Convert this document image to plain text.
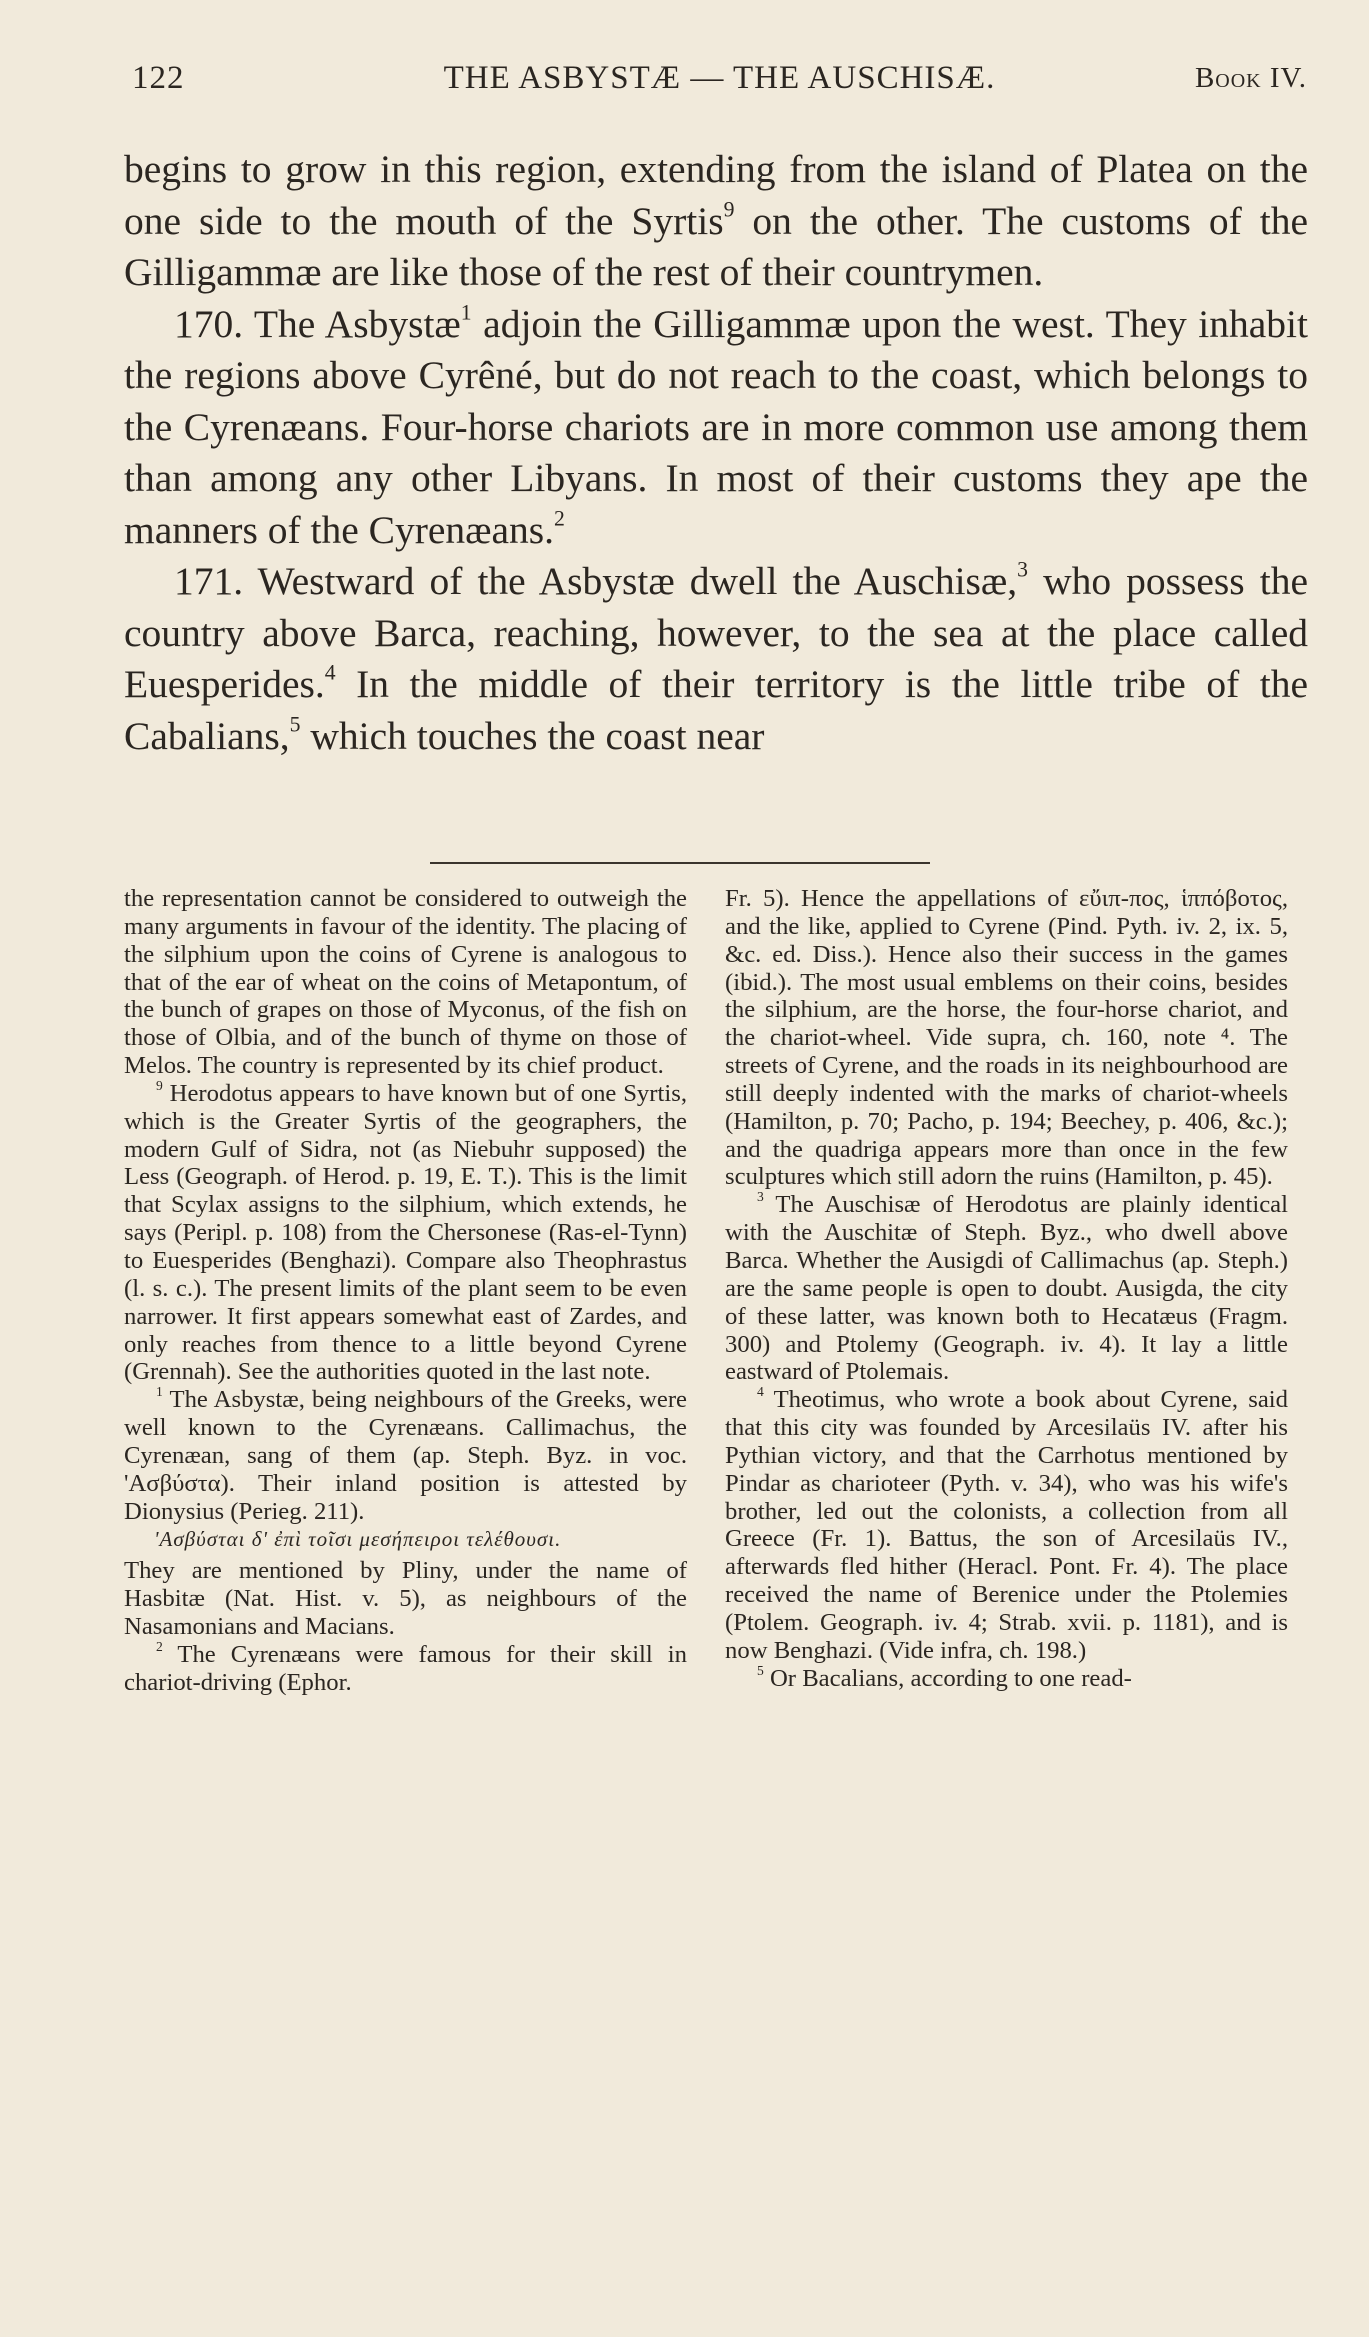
122	THE ASBYSTÆ — THE AUSCHISÆ.	Book IV.

begins to grow in this region, extending from the island of Platea on the one side to the mouth of the Syrtis$^9$ on the other. The customs of the Gilligammæ are like those of the rest of their countrymen.

170. The Asbystæ$^1$ adjoin the Gilligammæ upon the west. They inhabit the regions above Cyrêné, but do not reach to the coast, which belongs to the Cyrenæans. Four-horse chariots are in more common use among them than among any other Libyans. In most of their customs they ape the manners of the Cyrenæans.$^2$

171. Westward of the Asbystæ dwell the Auschisæ,$^3$ who possess the country above Barca, reaching, however, to the sea at the place called Euesperides.$^4$ In the middle of their territory is the little tribe of the Cabalians,$^5$ which touches the coast near

the representation cannot be considered to outweigh the many arguments in favour of the identity. The placing of the silphium upon the coins of Cyrene is analogous to that of the ear of wheat on the coins of Metapontum, of the bunch of grapes on those of Myconus, of the fish on those of Olbia, and of the bunch of thyme on those of Melos. The country is represented by its chief product.

$^9$ Herodotus appears to have known but of one Syrtis, which is the Greater Syrtis of the geographers, the modern Gulf of Sidra, not (as Niebuhr supposed) the Less (Geograph. of Herod. p. 19, E. T.). This is the limit that Scylax assigns to the silphium, which extends, he says (Peripl. p. 108) from the Chersonese (Ras-el-Tynn) to Euesperides (Benghazi). Compare also Theophrastus (l. s. c.). The present limits of the plant seem to be even narrower. It first appears somewhat east of Zardes, and only reaches from thence to a little beyond Cyrene (Grennah). See the authorities quoted in the last note.

$^1$ The Asbystæ, being neighbours of the Greeks, were well known to the Cyrenæans. Callimachus, the Cyrenæan, sang of them (ap. Steph. Byz. in voc. 'Ασβύστα). Their inland position is attested by Dionysius (Perieg. 211).

'Ασβύσται δ' ἐπὶ τοῖσι μεσήπειροι τελέθουσι.

They are mentioned by Pliny, under the name of Hasbitæ (Nat. Hist. v. 5), as neighbours of the Nasamonians and Macians.

$^2$ The Cyrenæans were famous for their skill in chariot-driving (Ephor.

Fr. 5). Hence the appellations of εὔιπ-πος, ἱππόβοτος, and the like, applied to Cyrene (Pind. Pyth. iv. 2, ix. 5, &c. ed. Diss.). Hence also their success in the games (ibid.). The most usual emblems on their coins, besides the silphium, are the horse, the four-horse chariot, and the chariot-wheel. Vide supra, ch. 160, note ⁴. The streets of Cyrene, and the roads in its neighbourhood are still deeply indented with the marks of chariot-wheels (Hamilton, p. 70; Pacho, p. 194; Beechey, p. 406, &c.); and the quadriga appears more than once in the few sculptures which still adorn the ruins (Hamilton, p. 45).

$^3$ The Auschisæ of Herodotus are plainly identical with the Auschitæ of Steph. Byz., who dwell above Barca. Whether the Ausigdi of Callimachus (ap. Steph.) are the same people is open to doubt. Ausigda, the city of these latter, was known both to Hecatæus (Fragm. 300) and Ptolemy (Geograph. iv. 4). It lay a little eastward of Ptolemais.

$^4$ Theotimus, who wrote a book about Cyrene, said that this city was founded by Arcesilaüs IV. after his Pythian victory, and that the Carrhotus mentioned by Pindar as charioteer (Pyth. v. 34), who was his wife's brother, led out the colonists, a collection from all Greece (Fr. 1). Battus, the son of Arcesilaüs IV., afterwards fled hither (Heracl. Pont. Fr. 4). The place received the name of Berenice under the Ptolemies (Ptolem. Geograph. iv. 4; Strab. xvii. p. 1181), and is now Benghazi. (Vide infra, ch. 198.)

$^5$ Or Bacalians, according to one read-
